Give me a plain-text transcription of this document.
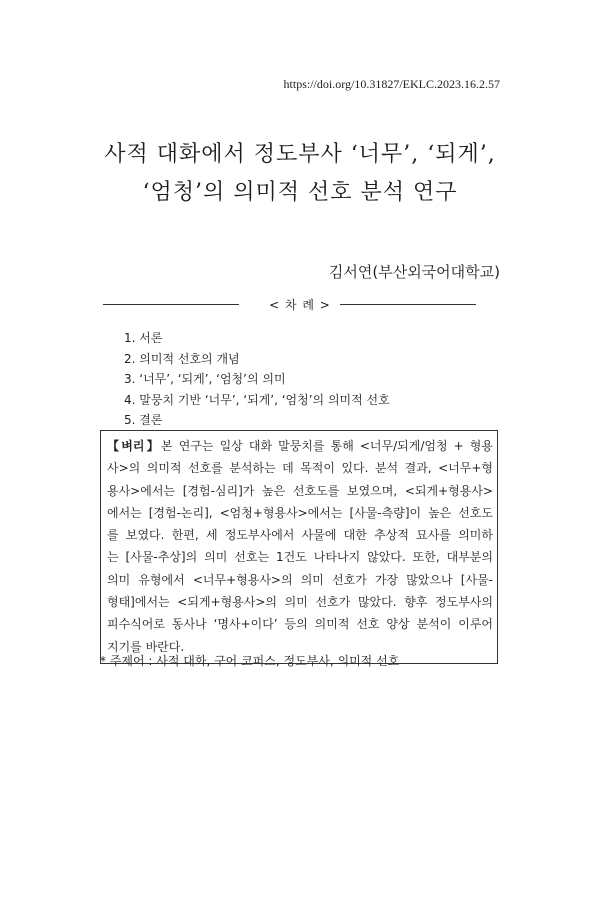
https://doi.org/10.31827/EKLC.2023.16.2.57
사적 대화에서 정도부사 ‘너무’, ‘되게’,
‘엄청’의 의미적 선호 분석 연구
김서연(부산외국어대학교)
< 차 례 >
1. 서론
2. 의미적 선호의 개념
3. ‘너무’, ‘되게’, ‘엄청’의 의미
4. 말뭉치 기반 ‘너무’, ‘되게’, ‘엄청’의 의미적 선호
5. 결론
【벼리】본 연구는 일상 대화 말뭉치를 통해 <너무/되게/엄청 + 형용
사>의 의미적 선호를 분석하는 데 목적이 있다. 분석 결과, <너무+형
용사>에서는 [경험-심리]가 높은 선호도를 보였으며, <되게+형용사>
에서는 [경험-논리], <엄청+형용사>에서는 [사물-측량]이 높은 선호도
를 보였다. 한편, 세 정도부사에서 사물에 대한 추상적 묘사를 의미하
는 [사물-추상]의 의미 선호는 1건도 나타나지 않았다. 또한, 대부분의
의미 유형에서 <너무+형용사>의 의미 선호가 가장 많았으나 [사물-
형태]에서는 <되게+형용사>의 의미 선호가 많았다. 향후 정도부사의
피수식어로 동사나 ‘명사+이다’ 등의 의미적 선호 양상 분석이 이루어
지기를 바란다.
* 주제어 : 사적 대화, 구어 코퍼스, 정도부사, 의미적 선호
